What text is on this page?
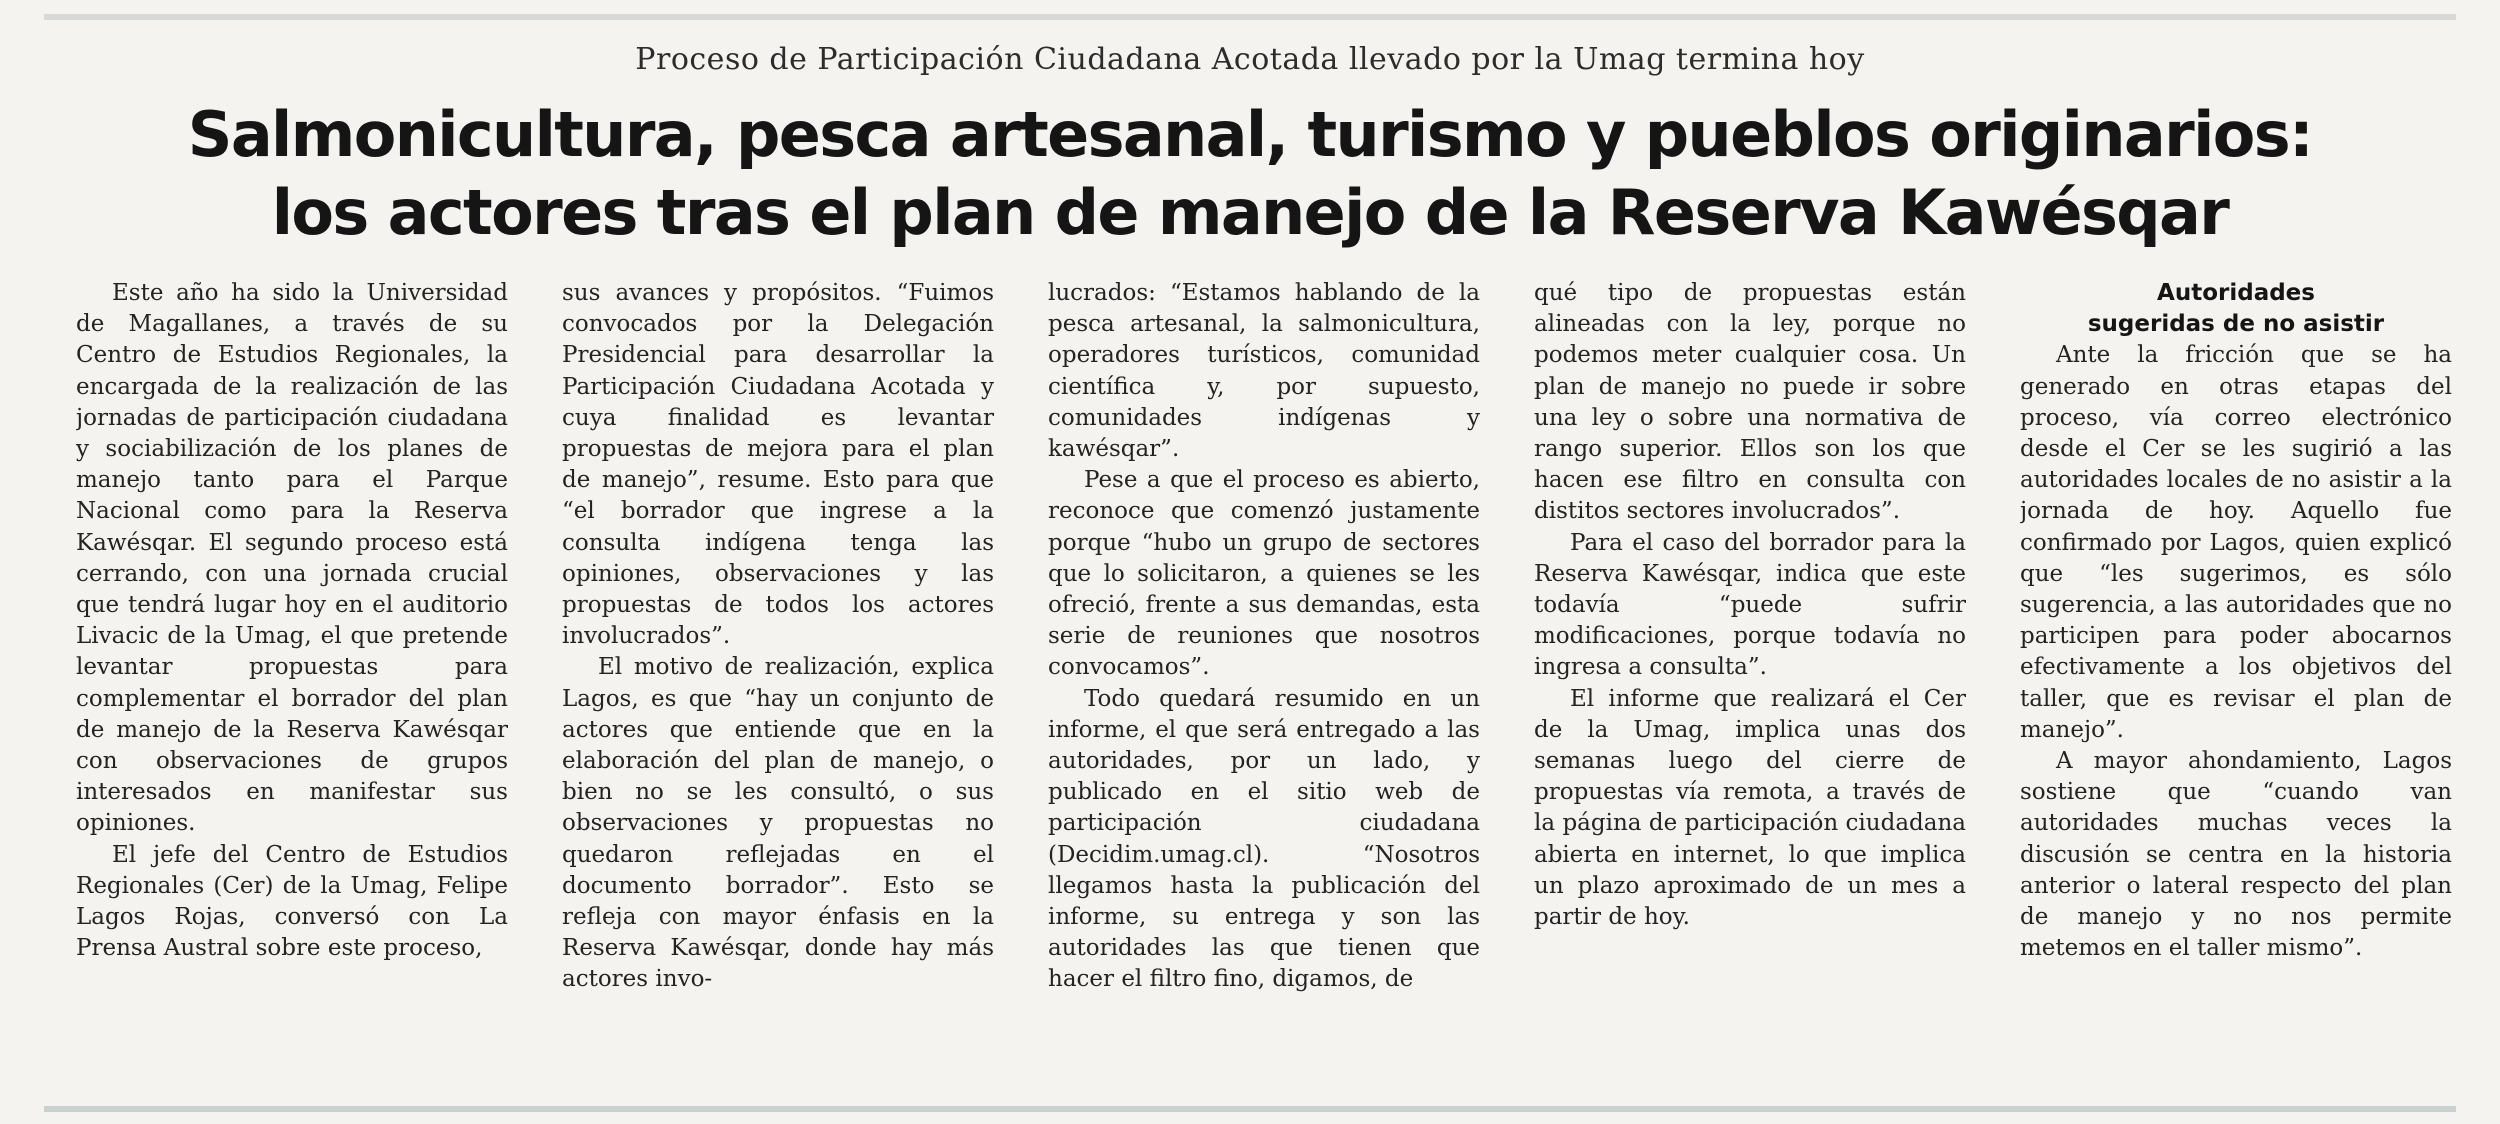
Proceso de Participación Ciudadana Acotada llevado por la Umag termina hoy
Salmonicultura, pesca artesanal, turismo y pueblos originarios:
los actores tras el plan de manejo de la Reserva Kawésqar

Este año ha sido la Universidad de Magallanes, a través de su Centro de Estudios Regionales, la encargada de la realización de las jornadas de participación ciudadana y sociabilización de los planes de manejo tanto para el Parque Nacional como para la Reserva Kawésqar. El segundo proceso está cerrando, con una jornada crucial que tendrá lugar hoy en el auditorio Livacic de la Umag, el que pretende levantar propuestas para complementar el borrador del plan de manejo de la Reserva Kawésqar con observaciones de grupos interesados en manifestar sus opiniones.

El jefe del Centro de Estudios Regionales (Cer) de la Umag, Felipe Lagos Rojas, conversó con La Prensa Austral sobre este proceso,

sus avances y propósitos. “Fuimos convocados por la Delegación Presidencial para desarrollar la Participación Ciudadana Acotada y cuya finalidad es levantar propuestas de mejora para el plan de manejo”, resume. Esto para que “el borrador que ingrese a la consulta indígena tenga las opiniones, observaciones y las propuestas de todos los actores involucrados”.

El motivo de realización, explica Lagos, es que “hay un conjunto de actores que entiende que en la elaboración del plan de manejo, o bien no se les consultó, o sus observaciones y propuestas no quedaron reflejadas en el documento borrador”. Esto se refleja con mayor énfasis en la Reserva Kawésqar, donde hay más actores invo-

lucrados: “Estamos hablando de la pesca artesanal, la salmonicultura, operadores turísticos, comunidad científica y, por supuesto, comunidades indígenas y kawésqar”.

Pese a que el proceso es abierto, reconoce que comenzó justamente porque “hubo un grupo de sectores que lo solicitaron, a quienes se les ofreció, frente a sus demandas, esta serie de reuniones que nosotros convocamos”.

Todo quedará resumido en un informe, el que será entregado a las autoridades, por un lado, y publicado en el sitio web de participación ciudadana (Decidim.umag.cl). “Nosotros llegamos hasta la publicación del informe, su entrega y son las autoridades las que tienen que hacer el filtro fino, digamos, de

qué tipo de propuestas están alineadas con la ley, porque no podemos meter cualquier cosa. Un plan de manejo no puede ir sobre una ley o sobre una normativa de rango superior. Ellos son los que hacen ese filtro en consulta con distitos sectores involucrados”.

Para el caso del borrador para la Reserva Kawésqar, indica que este todavía “puede sufrir modificaciones, porque todavía no ingresa a consulta”.

El informe que realizará el Cer de la Umag, implica unas dos semanas luego del cierre de propuestas vía remota, a través de la página de participación ciudadana abierta en internet, lo que implica un plazo aproximado de un mes a partir de hoy.

Autoridades
sugeridas de no asistir

Ante la fricción que se ha generado en otras etapas del proceso, vía correo electrónico desde el Cer se les sugirió a las autoridades locales de no asistir a la jornada de hoy. Aquello fue confirmado por Lagos, quien explicó que “les sugerimos, es sólo sugerencia, a las autoridades que no participen para poder abocarnos efectivamente a los objetivos del taller, que es revisar el plan de manejo”.

A mayor ahondamiento, Lagos sostiene que “cuando van autoridades muchas veces la discusión se centra en la historia anterior o lateral respecto del plan de manejo y no nos permite metemos en el taller mismo”.
